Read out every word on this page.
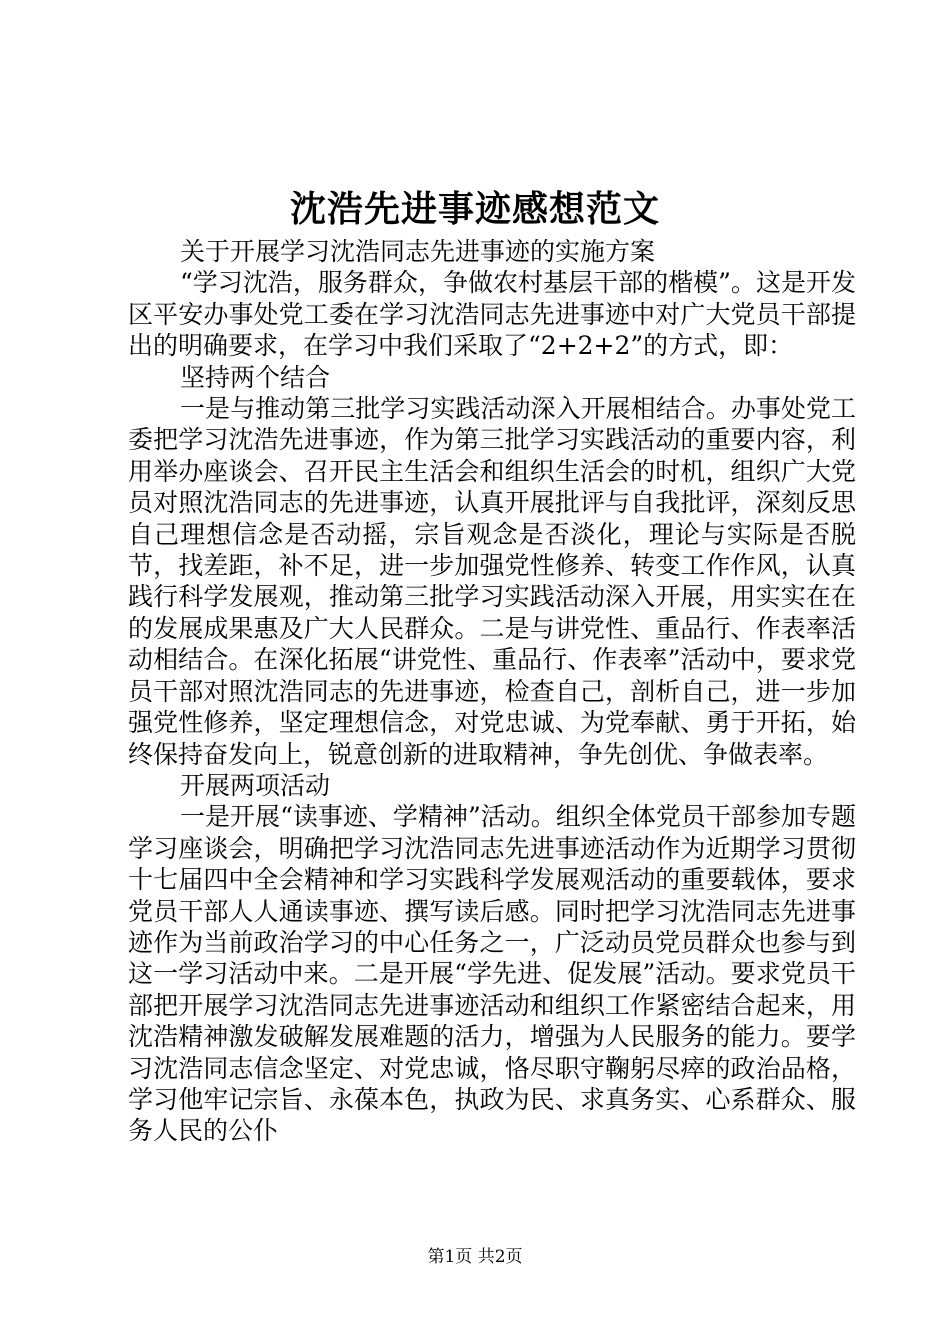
沈浩先进事迹感想范文

关于开展学习沈浩同志先进事迹的实施方案

“学习沈浩，服务群众，争做农村基层干部的楷模”。这是开发区平安办事处党工委在学习沈浩同志先进事迹中对广大党员干部提出的明确要求，在学习中我们采取了“2+2+2”的方式，即：

坚持两个结合

一是与推动第三批学习实践活动深入开展相结合。办事处党工委把学习沈浩先进事迹，作为第三批学习实践活动的重要内容，利用举办座谈会、召开民主生活会和组织生活会的时机，组织广大党员对照沈浩同志的先进事迹，认真开展批评与自我批评，深刻反思自己理想信念是否动摇，宗旨观念是否淡化，理论与实际是否脱节，找差距，补不足，进一步加强党性修养、转变工作作风，认真践行科学发展观，推动第三批学习实践活动深入开展，用实实在在的发展成果惠及广大人民群众。二是与讲党性、重品行、作表率活动相结合。在深化拓展“讲党性、重品行、作表率”活动中，要求党员干部对照沈浩同志的先进事迹，检查自己，剖析自己，进一步加强党性修养，坚定理想信念，对党忠诚、为党奉献、勇于开拓，始终保持奋发向上，锐意创新的进取精神，争先创优、争做表率。

开展两项活动

一是开展“读事迹、学精神”活动。组织全体党员干部参加专题学习座谈会，明确把学习沈浩同志先进事迹活动作为近期学习贯彻十七届四中全会精神和学习实践科学发展观活动的重要载体，要求党员干部人人通读事迹、撰写读后感。同时把学习沈浩同志先进事迹作为当前政治学习的中心任务之一，广泛动员党员群众也参与到这一学习活动中来。二是开展“学先进、促发展”活动。要求党员干部把开展学习沈浩同志先进事迹活动和组织工作紧密结合起来，用沈浩精神激发破解发展难题的活力，增强为人民服务的能力。要学习沈浩同志信念坚定、对党忠诚，恪尽职守鞠躬尽瘁的政治品格，学习他牢记宗旨、永葆本色，执政为民、求真务实、心系群众、服务人民的公仆

第1页 共2页
